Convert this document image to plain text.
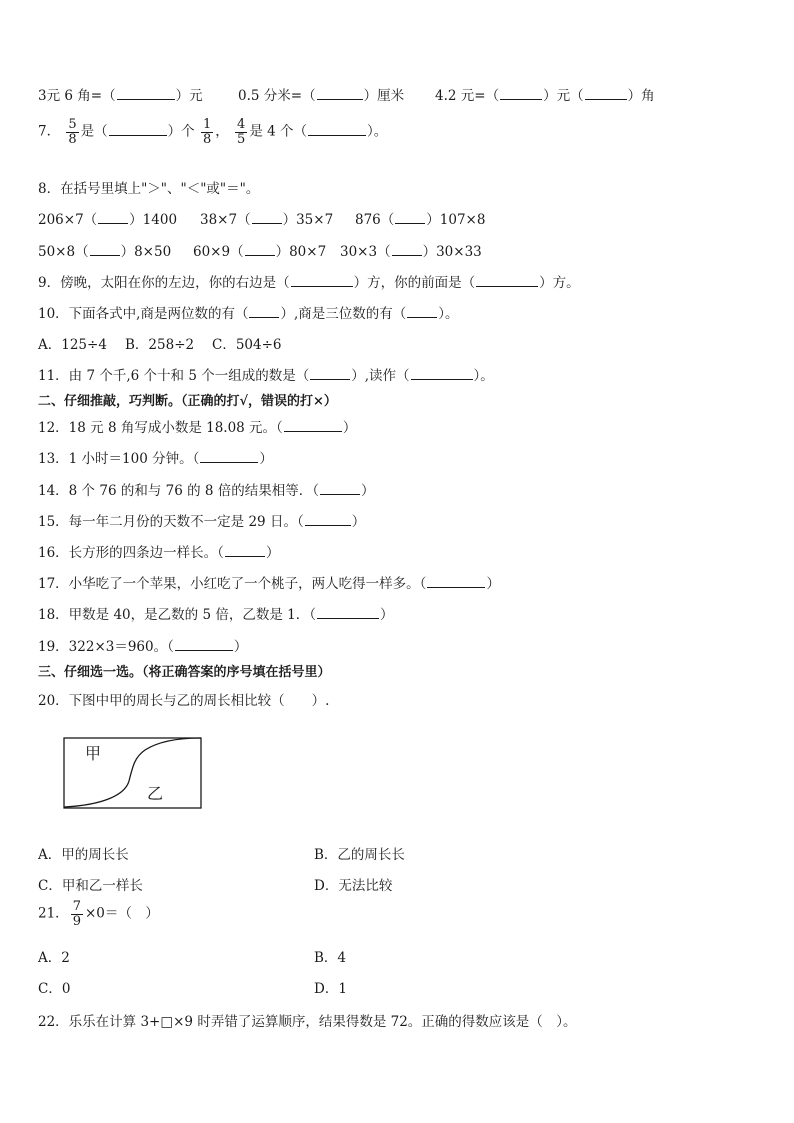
3元 6 角=（	）元	0.5 分米=（	）厘米 4.2 元=（	）元（	）角
7． $\frac{5}{8}$ 是（	）个 $\frac{1}{8}$ ， $\frac{4}{5}$ 是 4 个（	）。
8．在括号里填上"＞"、"＜"或"＝"。
206×7（ ）1400 38×7（ ）35×7 876（ ）107×8
50×8（ ）8×50 60×9（ ）80×7 30×3（ ）30×33
9．傍晚，太阳在你的左边，你的右边是（	）方，你的前面是（	）方。
10．下面各式中,商是两位数的有（ ）,商是三位数的有（ ）。
A．125÷4 B．258÷2 C．504÷6
11．由 7 个千,6 个十和 5 个一组成的数是（	）,读作（	）。
二、仔细推敲，巧判断。（正确的打√，错误的打×）
12．18 元 8 角写成小数是 18.08 元。（	）
13．1 小时＝100 分钟。（	）
14．8 个 76 的和与 76 的 8 倍的结果相等．（	）
15．每一年二月份的天数不一定是 29 日。（	）
16．长方形的四条边一样长。（	）
17．小华吃了一个苹果，小红吃了一个桃子，两人吃得一样多。（	）
18．甲数是 40，是乙数的 5 倍，乙数是 1．（	）
19．322×3＝960。（	）
三、仔细选一选。（将正确答案的序号填在括号里）
20．下图中甲的周长与乙的周长相比较（　　）.
甲
乙
A．甲的周长长	B．乙的周长长
C．甲和乙一样长	D．无法比较
21． $\frac{7}{9} \times 0=$（　）
A．2	B．4
C．0	D．1
22．乐乐在计算 3+□×9 时弄错了运算顺序，结果得数是 72。正确的得数应该是（　）。
